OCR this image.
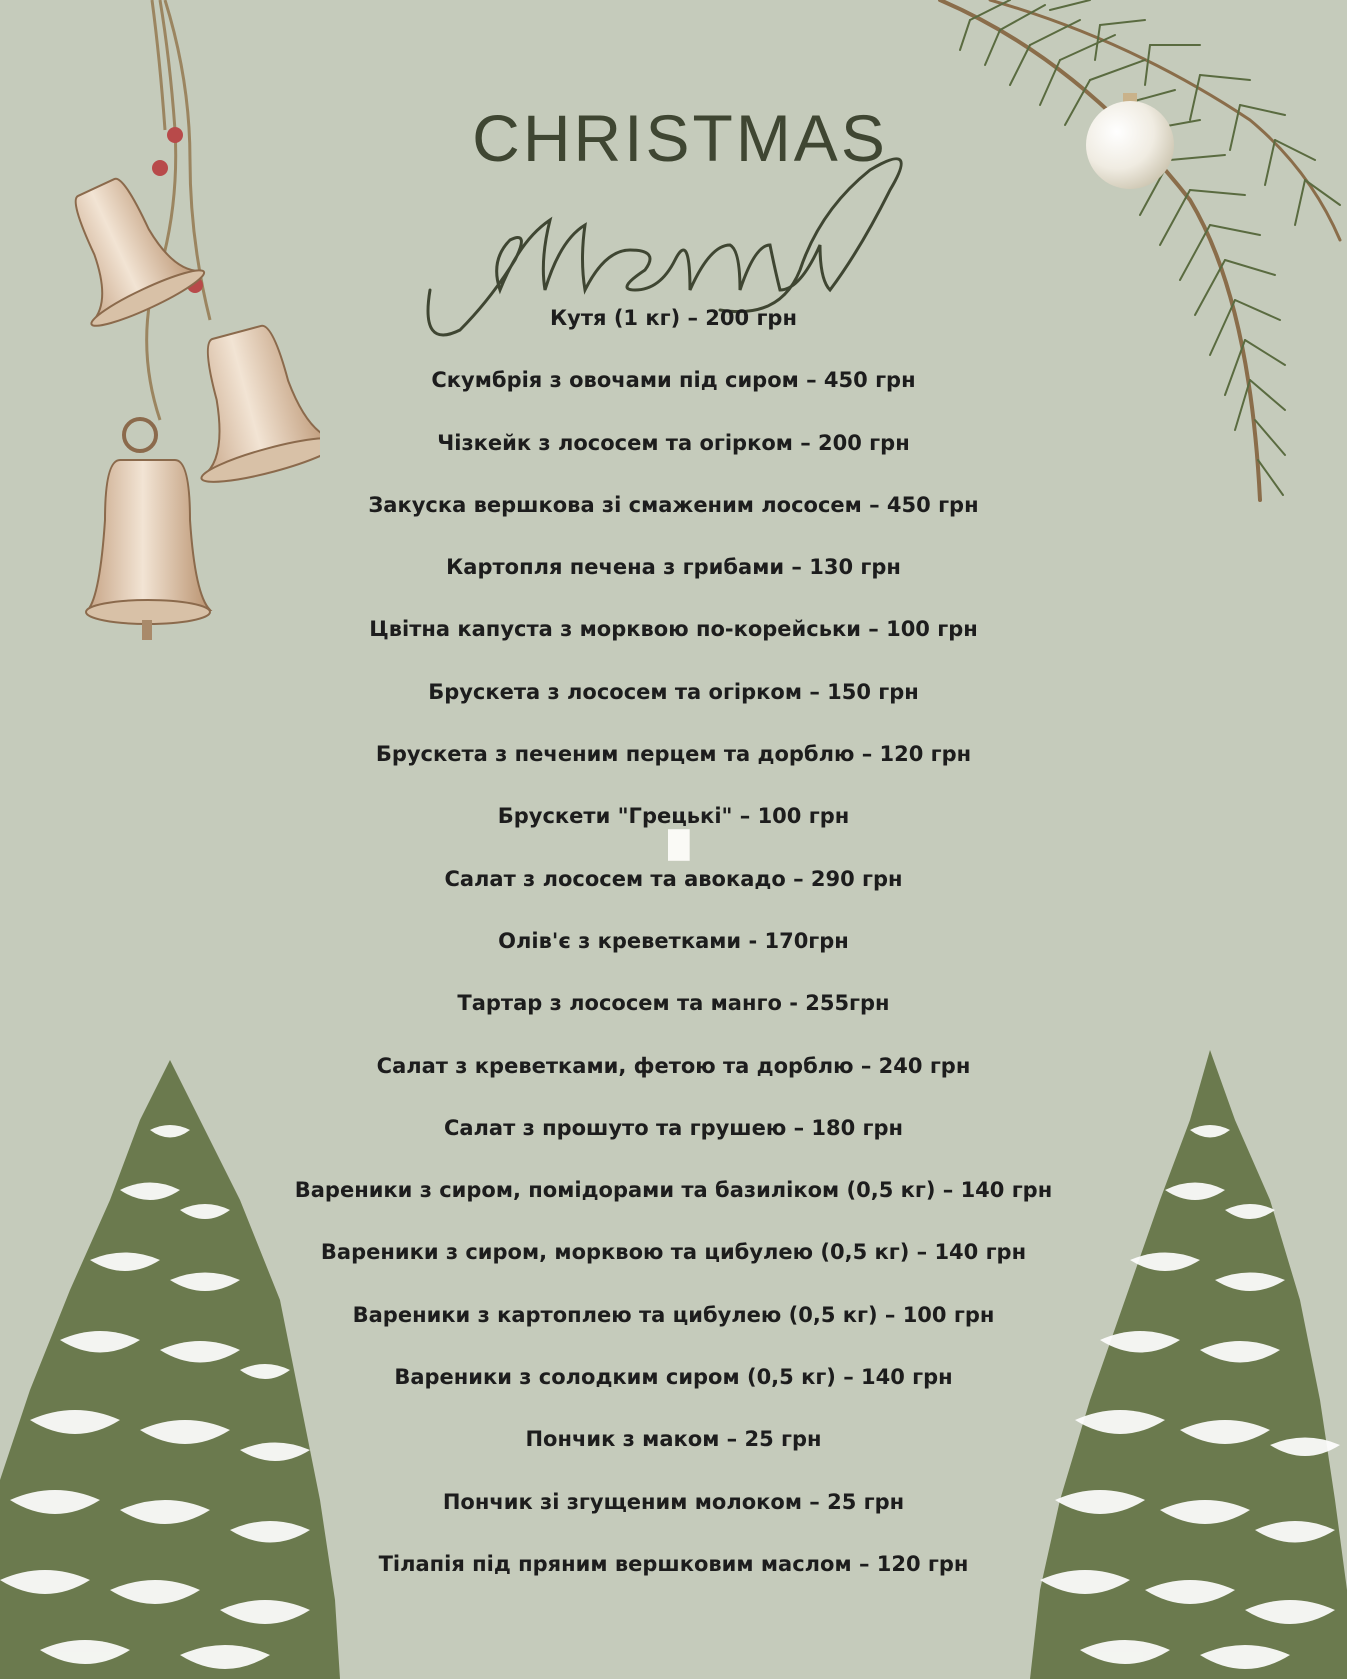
CHRISTMAS
menu
Кутя (1 кг) – 200 грн
Скумбрія з овочами під сиром – 450 грн
Чізкейк з лососем та огірком – 200 грн
Закуска вершкова зі смаженим лососем – 450 грн
Картопля печена з грибами – 130 грн
Цвітна капуста з морквою по-корейськи – 100 грн
Брускета з лососем та огірком – 150 грн
Брускета з печеним перцем та дорблю – 120 грн
Брускети "Грецькі" – 100 грн
Салат з лососем та авокадо – 290 грн
Олів'є з креветками - 170грн
Тартар з лососем та манго - 255грн
Салат з креветками, фетою та дорблю – 240 грн
Салат з прошуто та грушею – 180 грн
Вареники з сиром, помідорами та базиліком (0,5 кг) – 140 грн
Вареники з сиром, морквою та цибулею (0,5 кг) – 140 грн
Вареники з картоплею та цибулею (0,5 кг) – 100 грн
Вареники з солодким сиром (0,5 кг) – 140 грн
Пончик з маком – 25 грн
Пончик зі згущеним молоком – 25 грн
Тілапія під пряним вершковим маслом – 120 грн
